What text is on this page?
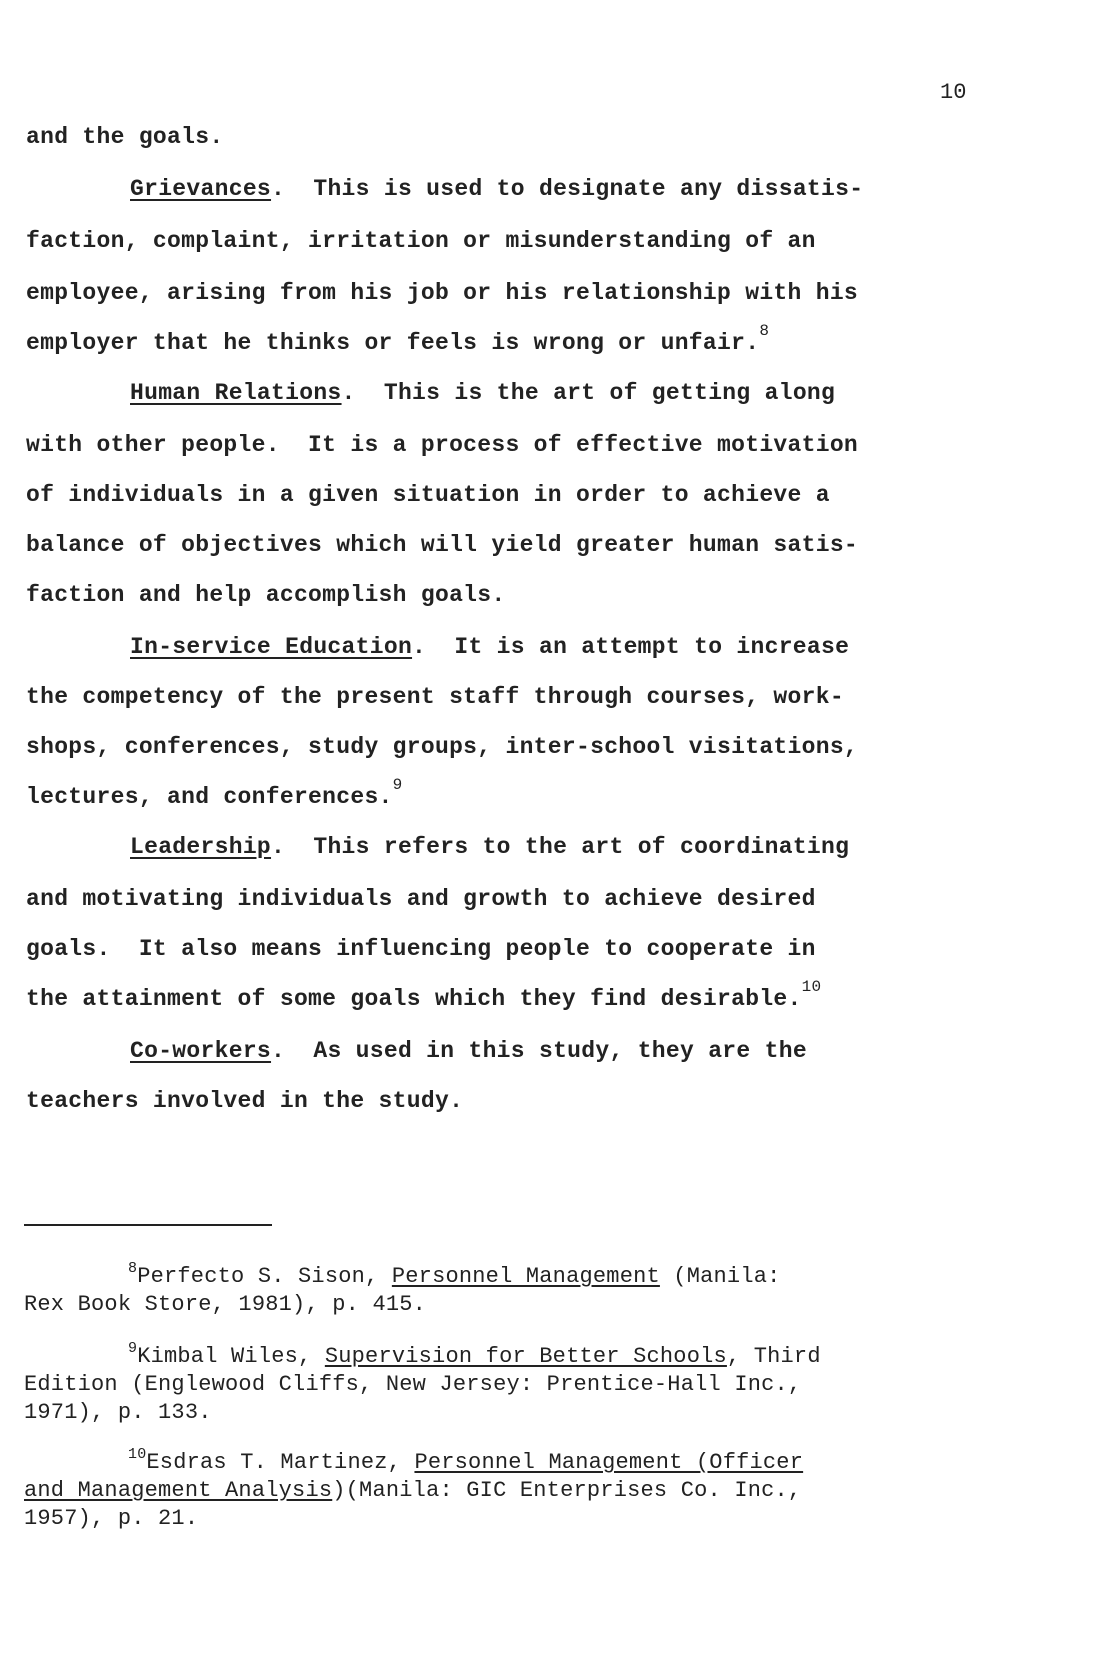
10
and the goals.
Grievances.  This is used to designate any dissatis-
faction, complaint, irritation or misunderstanding of an
employee, arising from his job or his relationship with his
employer that he thinks or feels is wrong or unfair.$^8$
Human Relations.  This is the art of getting along
with other people.  It is a process of effective motivation
of individuals in a given situation in order to achieve a
balance of objectives which will yield greater human satis-
faction and help accomplish goals.
In-service Education.  It is an attempt to increase
the competency of the present staff through courses, work-
shops, conferences, study groups, inter-school visitations,
lectures, and conferences.$^9$
Leadership.  This refers to the art of coordinating
and motivating individuals and growth to achieve desired
goals.  It also means influencing people to cooperate in
the attainment of some goals which they find desirable.$^{10}$
Co-workers.  As used in this study, they are the
teachers involved in the study.
$^8$Perfecto S. Sison, Personnel Management (Manila:
Rex Book Store, 1981), p. 415.
$^9$Kimbal Wiles, Supervision for Better Schools, Third
Edition (Englewood Cliffs, New Jersey: Prentice-Hall Inc.,
1971), p. 133.
$^{10}$Esdras T. Martinez, Personnel Management (Officer
and Management Analysis)(Manila: GIC Enterprises Co. Inc.,
1957), p. 21.
